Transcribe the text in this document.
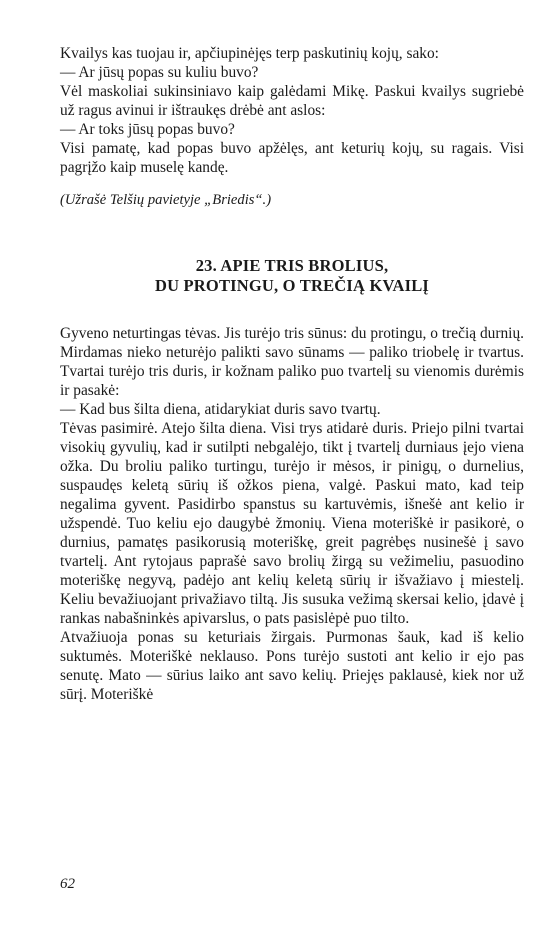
Kvailys kas tuojau ir, apčiupinėjęs terp paskutinių kojų, sako:

— Ar jūsų popas su kuliu buvo?

Vėl maskoliai sukinsiniavo kaip galėdami Mikę. Paskui kvailys sugriebė už ragus avinui ir ištraukęs drėbė ant aslos:

— Ar toks jūsų popas buvo?

Visi pamatę, kad popas buvo apžėlęs, ant keturių kojų, su ragais. Visi pagrįžo kaip muselę kandę.

(Užrašė Telšių pavietyje „Briedis“.)

23. APIE TRIS BROLIUS,
DU PROTINGU, O TREČIĄ KVAILĮ

Gyveno neturtingas tėvas. Jis turėjo tris sūnus: du protingu, o trečią durnių. Mirdamas nieko neturėjo palikti savo sūnams — paliko triobelę ir tvartus. Tvartai turėjo tris duris, ir kožnam paliko puo tvartelį su vienomis durėmis ir pasakė:

— Kad bus šilta diena, atidarykiat duris savo tvartų.

Tėvas pasimirė. Atejo šilta diena. Visi trys atidarė duris. Priejo pilni tvartai visokių gyvulių, kad ir sutilpti nebgalėjo, tikt į tvartelį durniaus įejo viena ožka. Du broliu paliko turtingu, turėjo ir mėsos, ir pinigų, o durnelius, suspaudęs keletą sūrių iš ožkos piena, valgė. Paskui mato, kad teip negalima gyvent. Pasidirbo spanstus su kartuvėmis, išnešė ant kelio ir užspendė. Tuo keliu ejo daugybė žmonių. Viena moteriškė ir pasikorė, o durnius, pamatęs pasikorusią moteriškę, greit pagrėbęs nusinešė į savo tvartelį. Ant rytojaus paprašė savo brolių žirgą su vežimeliu, pasuodino moteriškę negyvą, padėjo ant kelių keletą sūrių ir išvažiavo į miestelį. Keliu bevažiuojant privažiavo tiltą. Jis susuka vežimą skersai kelio, įdavė į rankas nabašninkės apivarslus, o pats pasislėpė puo tilto.

Atvažiuoja ponas su keturiais žirgais. Purmonas šauk, kad iš kelio suktumės. Moteriškė neklauso. Pons turėjo sustoti ant kelio ir ejo pas senutę. Mato — sūrius laiko ant savo kelių. Priejęs paklausė, kiek nor už sūrį. Moteriškė

62
